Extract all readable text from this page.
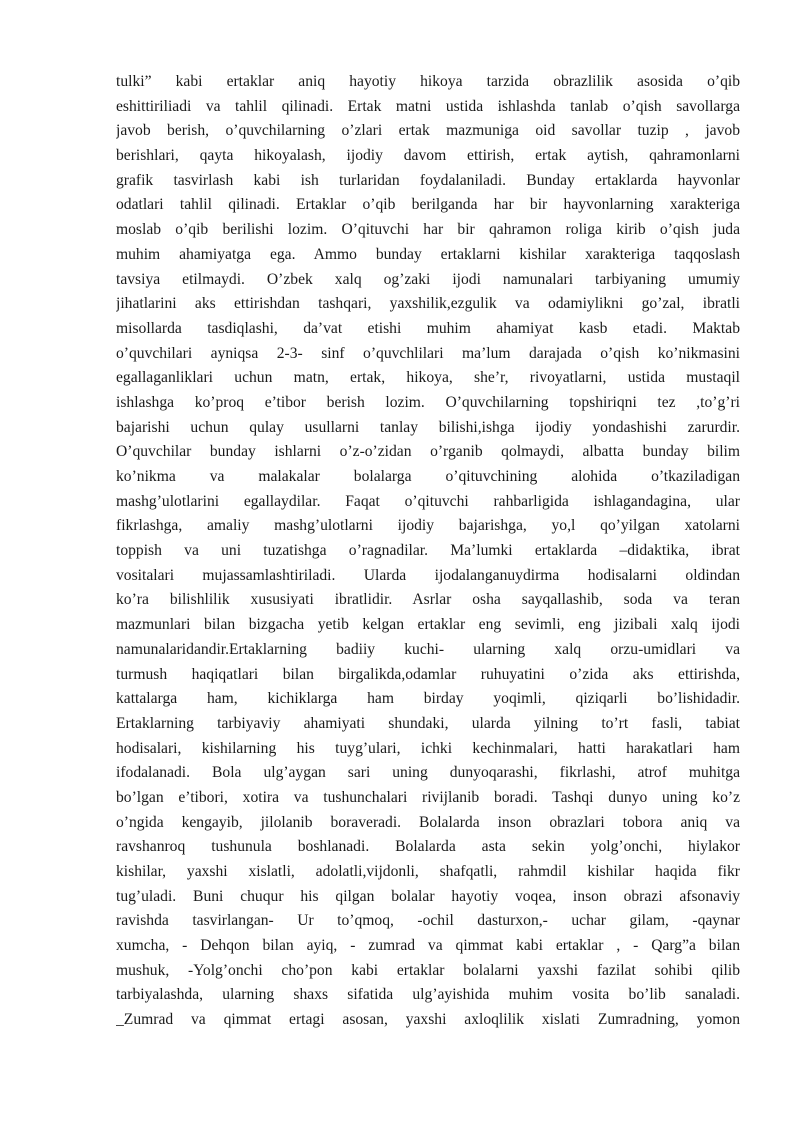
tulki” kabi ertaklar aniq hayotiy hikoya tarzida obrazlilik asosida o’qib
eshittiriliadi va tahlil qilinadi. Ertak matni ustida ishlashda tanlab o’qish savollarga
javob berish, o’quvchilarning o’zlari ertak mazmuniga oid savollar tuzip , javob
berishlari, qayta hikoyalash, ijodiy davom ettirish, ertak aytish, qahramonlarni
grafik tasvirlash kabi ish turlaridan foydalaniladi. Bunday ertaklarda hayvonlar
odatlari tahlil qilinadi. Ertaklar o’qib berilganda har bir hayvonlarning xarakteriga
moslab o’qib berilishi lozim. O’qituvchi har bir qahramon roliga kirib o’qish juda
muhim ahamiyatga ega. Ammo bunday ertaklarni kishilar xarakteriga taqqoslash
tavsiya etilmaydi. O’zbek xalq og’zaki ijodi namunalari tarbiyaning umumiy
jihatlarini aks ettirishdan tashqari, yaxshilik,ezgulik va odamiylikni go’zal, ibratli
misollarda tasdiqlashi, da’vat etishi muhim ahamiyat kasb etadi. Maktab
o’quvchilari ayniqsa 2-3- sinf o’quvchlilari ma’lum darajada o’qish ko’nikmasini
egallaganliklari uchun matn, ertak, hikoya, she’r, rivoyatlarni, ustida mustaqil
ishlashga ko’proq e’tibor berish lozim. O’quvchilarning topshiriqni tez ,to’g’ri
bajarishi uchun qulay usullarni tanlay bilishi,ishga ijodiy yondashishi zarurdir.
O’quvchilar bunday ishlarni o’z-o’zidan o’rganib qolmaydi, albatta bunday bilim
ko’nikma va malakalar bolalarga o’qituvchining alohida o’tkaziladigan
mashg’ulotlarini egallaydilar. Faqat o’qituvchi rahbarligida ishlagandagina, ular
fikrlashga, amaliy mashg’ulotlarni ijodiy bajarishga, yo,l qo’yilgan xatolarni
toppish va uni tuzatishga o’ragnadilar. Ma’lumki ertaklarda –didaktika, ibrat
vositalari mujassamlashtiriladi. Ularda ijodalanganuydirma hodisalarni oldindan
ko’ra bilishlilik xususiyati ibratlidir. Asrlar osha sayqallashib, soda va teran
mazmunlari bilan bizgacha yetib kelgan ertaklar eng sevimli, eng jizibali xalq ijodi
namunalaridandir.Ertaklarning badiiy kuchi- ularning xalq orzu-umidlari va
turmush haqiqatlari bilan birgalikda,odamlar ruhuyatini o’zida aks ettirishda,
kattalarga ham, kichiklarga ham birday yoqimli, qiziqarli bo’lishidadir.
Ertaklarning tarbiyaviy ahamiyati shundaki, ularda yilning to’rt fasli, tabiat
hodisalari, kishilarning his tuyg’ulari, ichki kechinmalari, hatti harakatlari ham
ifodalanadi. Bola ulg’aygan sari uning dunyoqarashi, fikrlashi, atrof muhitga
bo’lgan e’tibori, xotira va tushunchalari rivijlanib boradi. Tashqi dunyo uning ko’z
o’ngida kengayib, jilolanib boraveradi. Bolalarda inson obrazlari tobora aniq va
ravshanroq tushunula boshlanadi. Bolalarda asta sekin yolg’onchi, hiylakor
kishilar, yaxshi xislatli, adolatli,vijdonli, shafqatli, rahmdil kishilar haqida fikr
tug’uladi. Buni chuqur his qilgan bolalar hayotiy voqea, inson obrazi afsonaviy
ravishda tasvirlangan- Ur to’qmoq, -ochil dasturxon,- uchar gilam, -qaynar
xumcha, - Dehqon bilan ayiq, - zumrad va qimmat kabi ertaklar , - Qarg”a bilan
mushuk, -Yolg’onchi cho’pon kabi ertaklar bolalarni yaxshi fazilat sohibi qilib
tarbiyalashda, ularning shaxs sifatida ulg’ayishida muhim vosita bo’lib sanaladi.
_Zumrad va qimmat ertagi asosan, yaxshi axloqlilik xislati Zumradning, yomon
